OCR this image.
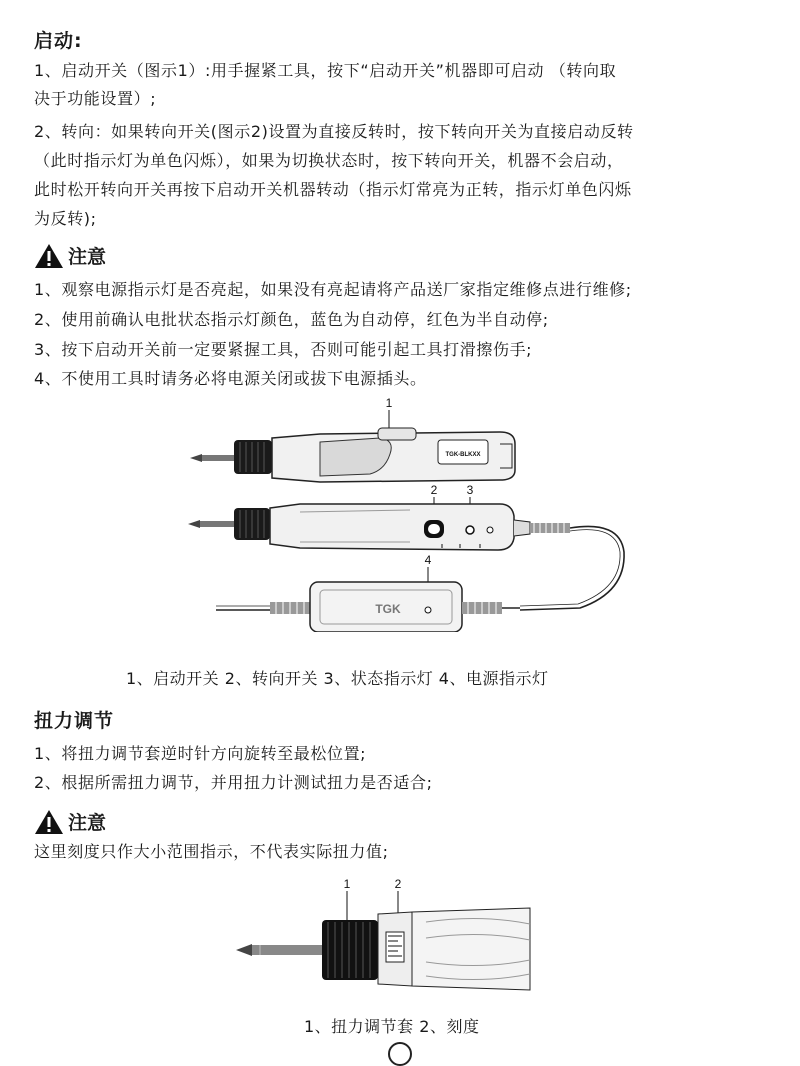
启动:
1、启动开关（图示1）:用手握紧工具，按下“启动开关”机器即可启动 （转向取
决于功能设置）;
2、转向：如果转向开关(图示2)设置为直接反转时，按下转向开关为直接启动反转
（此时指示灯为单色闪烁），如果为切换状态时，按下转向开关，机器不会启动，
此时松开转向开关再按下启动开关机器转动（指示灯常亮为正转，指示灯单色闪烁
为反转);
注意
1、观察电源指示灯是否亮起，如果没有亮起请将产品送厂家指定维修点进行维修;
2、使用前确认电批状态指示灯颜色，蓝色为自动停，红色为半自动停;
3、按下启动开关前一定要紧握工具，否则可能引起工具打滑擦伤手;
4、不使用工具时请务必将电源关闭或拔下电源插头。
1
TGK-BLKXX
2 3
4
TGK
1、启动开关 2、转向开关 3、状态指示灯 4、电源指示灯
扭力调节
1、将扭力调节套逆时针方向旋转至最松位置;
2、根据所需扭力调节，并用扭力计测试扭力是否适合;
注意
这里刻度只作大小范围指示，不代表实际扭力值;
1	2
1、扭力调节套 2、刻度
